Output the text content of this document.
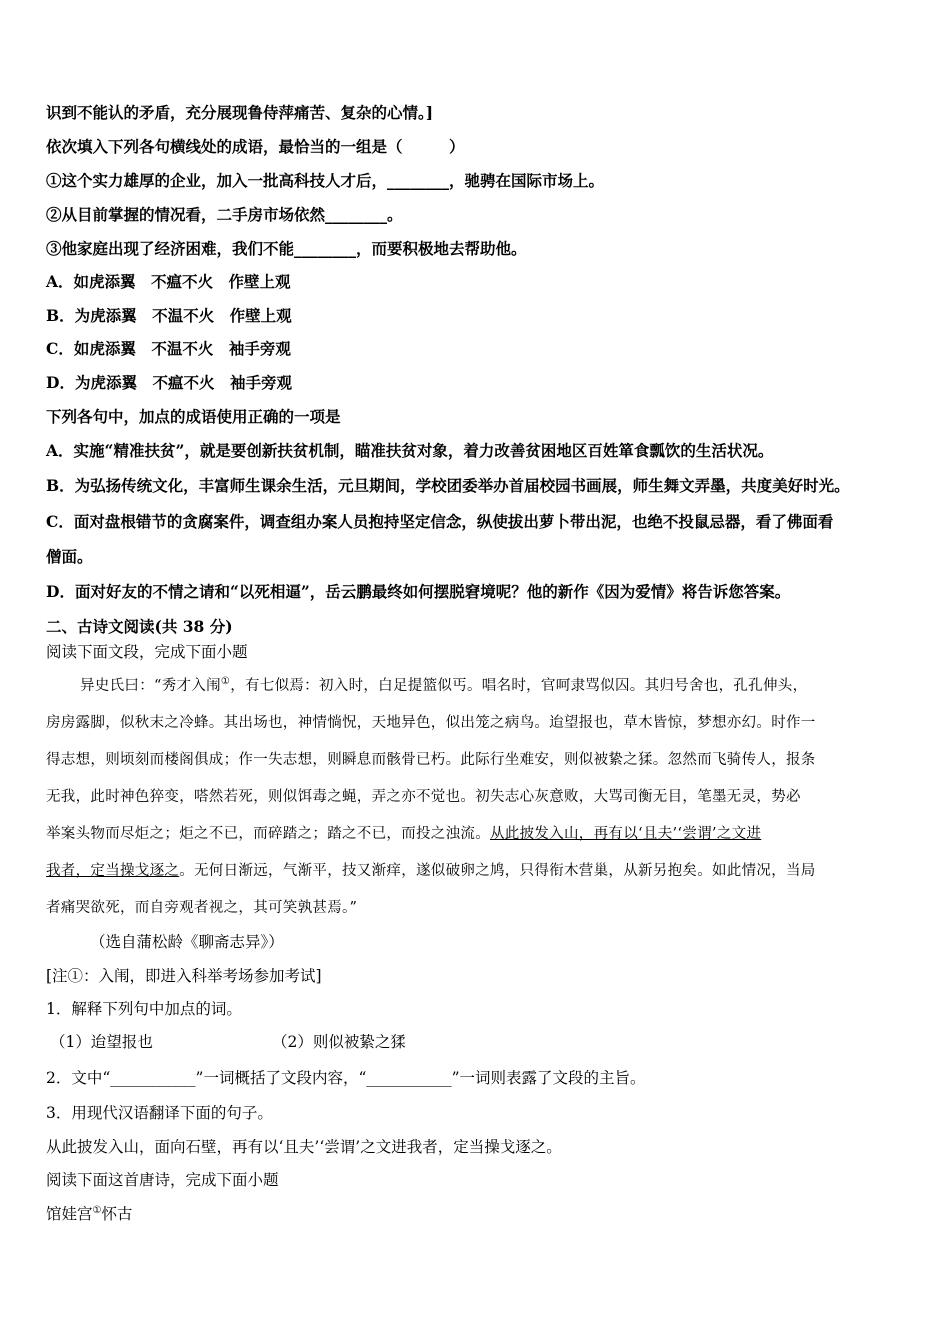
识到不能认的矛盾，充分展现鲁侍萍痛苦、复杂的心情。]
依次填入下列各句横线处的成语，最恰当的一组是（　　　）
①这个实力雄厚的企业，加入一批高科技人才后，________，驰骋在国际市场上。
②从目前掌握的情况看，二手房市场依然________。
③他家庭出现了经济困难，我们不能________，而要积极地去帮助他。
A．如虎添翼　不瘟不火　作壁上观
B．为虎添翼　不温不火　作壁上观
C．如虎添翼　不温不火　袖手旁观
D．为虎添翼　不瘟不火　袖手旁观
下列各句中，加点的成语使用正确的一项是
A．实施“精准扶贫”，就是要创新扶贫机制，瞄准扶贫对象，着力改善贫困地区百姓箪食瓢饮的生活状况。
B．为弘扬传统文化，丰富师生课余生活，元旦期间，学校团委举办首届校园书画展，师生舞文弄墨，共度美好时光。
C．面对盘根错节的贪腐案件，调查组办案人员抱持坚定信念，纵使拔出萝卜带出泥，也绝不投鼠忌器，看了佛面看
僧面。
D．面对好友的不情之请和“以死相逼”，岳云鹏最终如何摆脱窘境呢？他的新作《因为爱情》将告诉您答案。
二、古诗文阅读(共 38 分)
阅读下面文段，完成下面小题
异史氏曰：“秀才入闱①，有七似焉：初入时，白足提篮似丐。唱名时，官呵隶骂似囚。其归号舍也，孔孔伸头，
房房露脚，似秋末之冷蜂。其出场也，神情惝怳，天地异色，似出笼之病鸟。迨望报也，草木皆惊，梦想亦幻。时作一
得志想，则顷刻而楼阁俱成；作一失志想，则瞬息而骸骨已朽。此际行坐难安，则似被絷之猱。忽然而飞骑传人，报条
无我，此时神色猝变，嗒然若死，则似饵毒之蝇，弄之亦不觉也。初失志心灰意败，大骂司衡无目，笔墨无灵，势必
举案头物而尽炬之；炬之不已，而碎踏之；踏之不已，而投之浊流。从此披发入山，再有以‘且夫’‘尝谓’之文进
我者，定当操戈逐之。无何日渐远，气渐平，技又渐痒，遂似破卵之鸠，只得衔木营巢，从新另抱矣。如此情况，当局
者痛哭欲死，而自旁观者视之，其可笑孰甚焉。”
（选自蒲松龄《聊斋志异》）
[注①：入闱，即进入科举考场参加考试]
1．解释下列句中加点的词。
（1）迨望报也	（2）则似被絷之猱
2．文中“___________”一词概括了文段内容，“___________”一词则表露了文段的主旨。
3．用现代汉语翻译下面的句子。
从此披发入山，面向石壁，再有以‘且夫’‘尝谓’之文进我者，定当操戈逐之。
阅读下面这首唐诗，完成下面小题
馆娃宫①怀古
